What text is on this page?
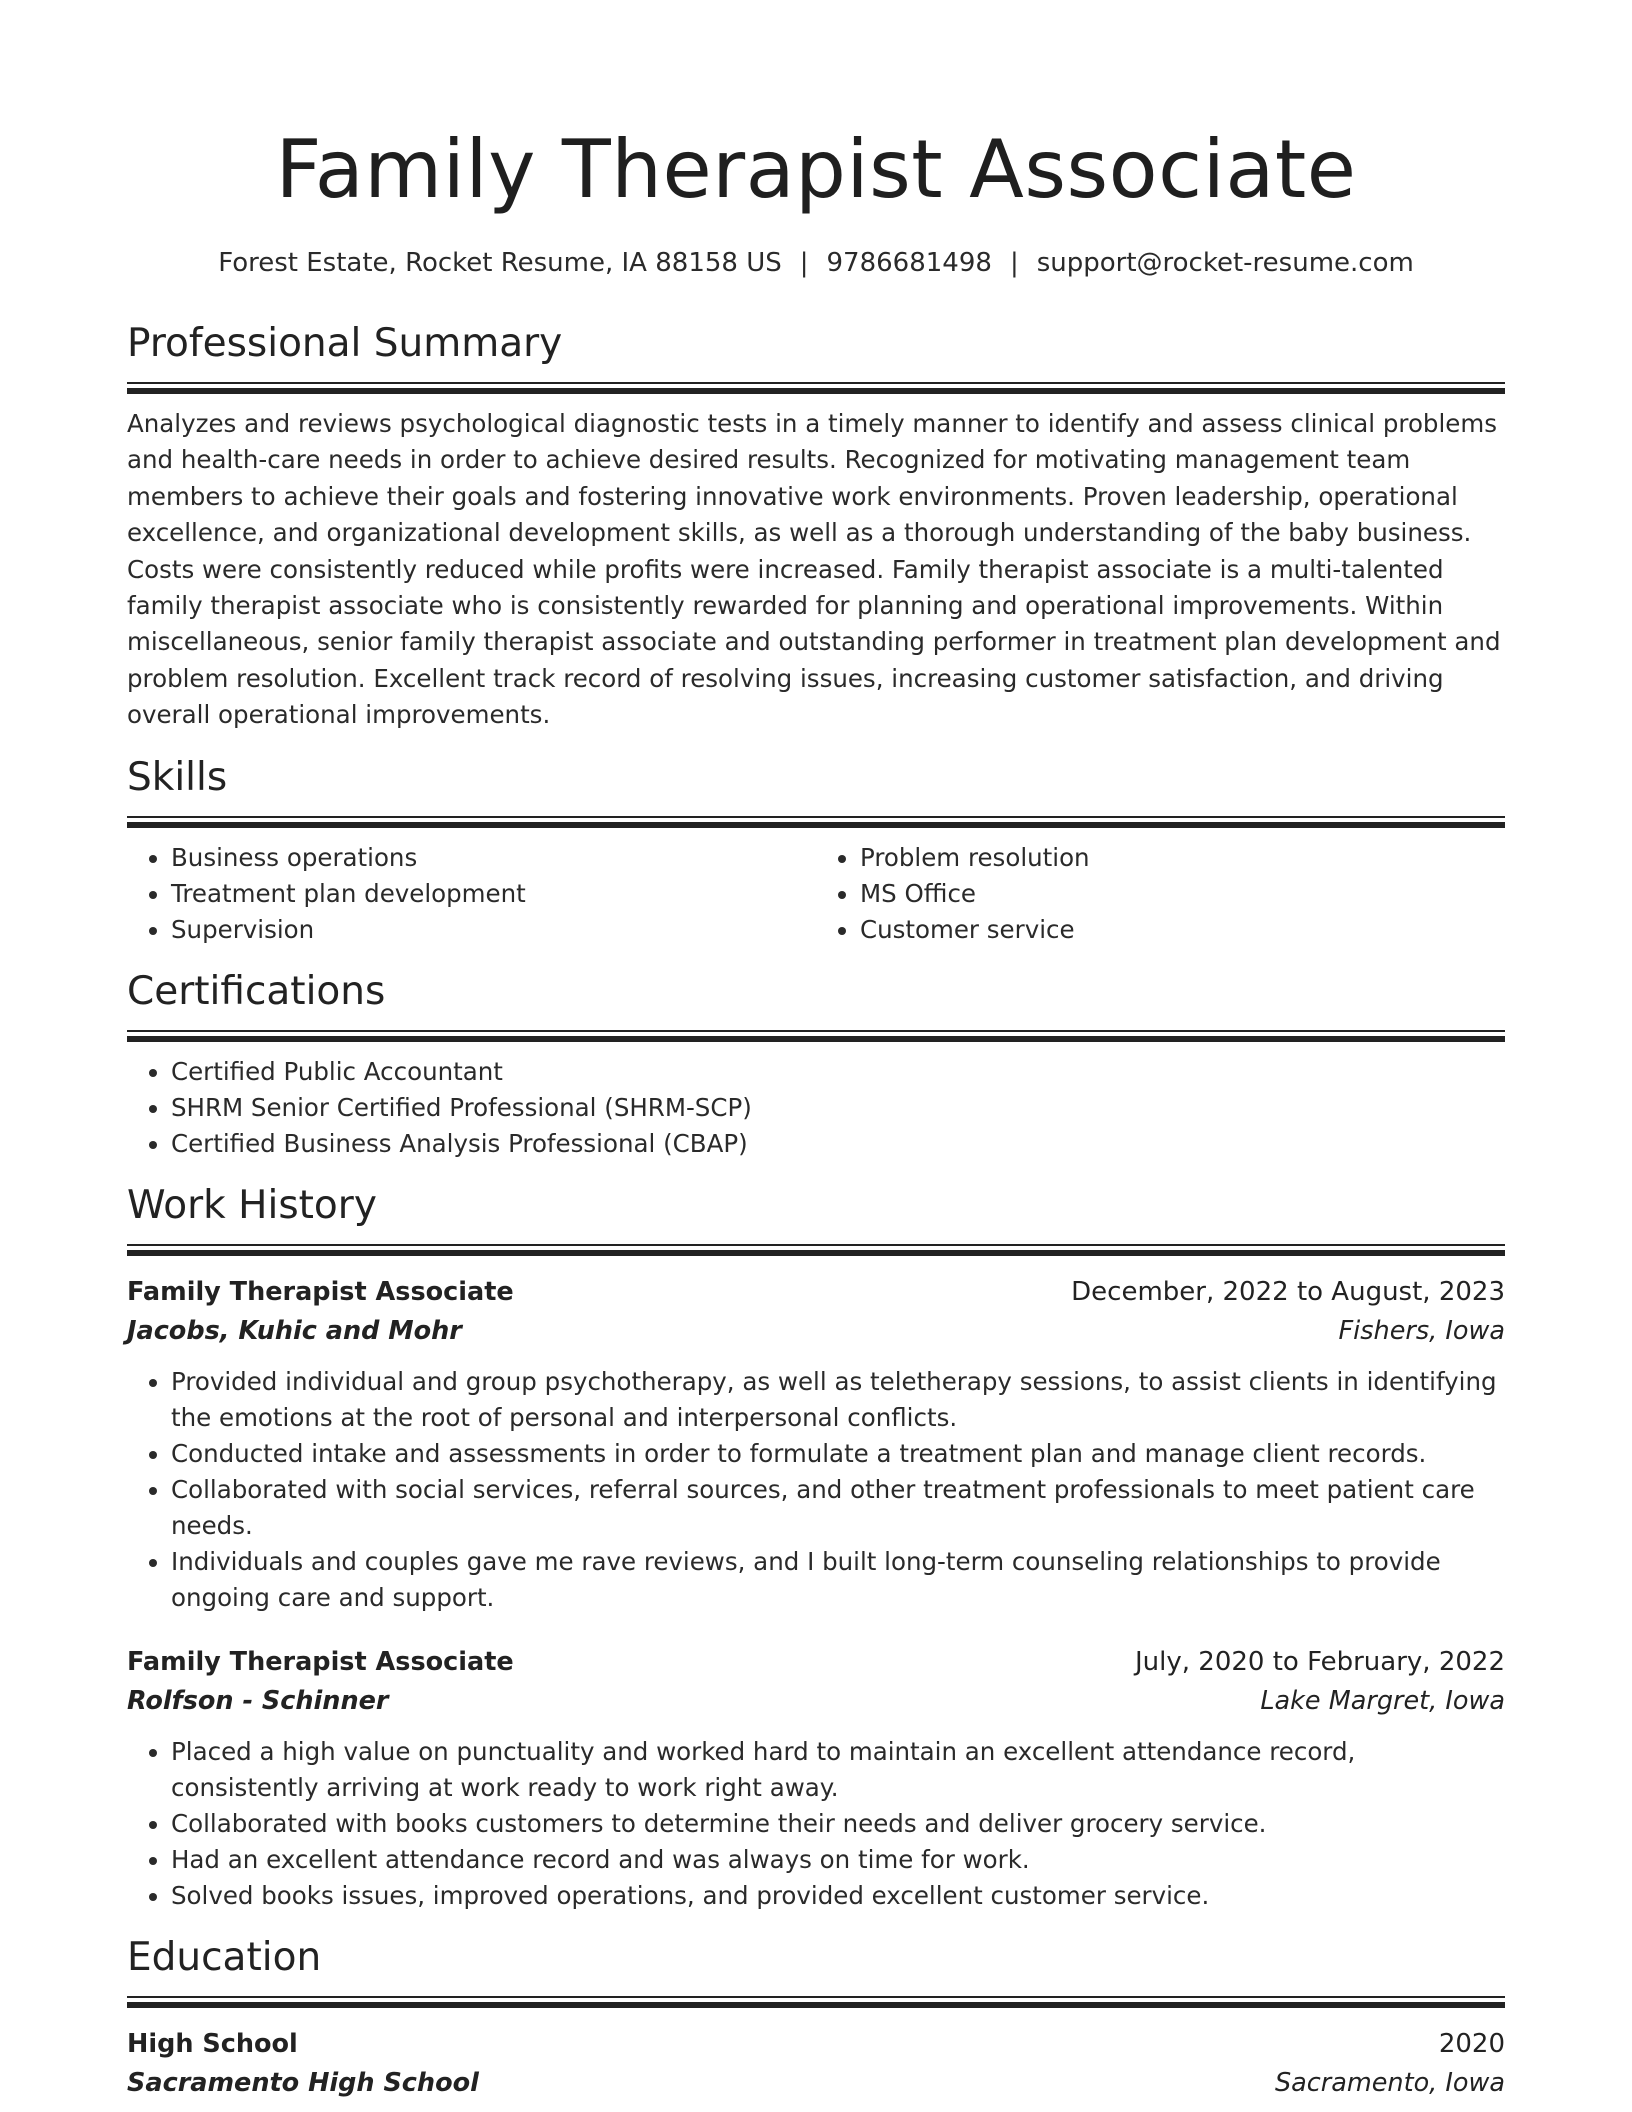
Family Therapist Associate
Forest Estate, Rocket Resume, IA 88158 US | 9786681498 | support@rocket-resume.com
Professional Summary

Analyzes and reviews psychological diagnostic tests in a timely manner to identify and assess clinical problems and health-care needs in order to achieve desired results. Recognized for motivating management team members to achieve their goals and fostering innovative work environments. Proven leadership, operational excellence, and organizational development skills, as well as a thorough understanding of the baby business. Costs were consistently reduced while profits were increased. Family therapist associate is a multi-talented family therapist associate who is consistently rewarded for planning and operational improvements. Within miscellaneous, senior family therapist associate and outstanding performer in treatment plan development and problem resolution. Excellent track record of resolving issues, increasing customer satisfaction, and driving overall operational improvements.

Skills
• Business operations
• Treatment plan development
• Supervision
• Problem resolution
• MS Office
• Customer service
Certifications
• Certified Public Accountant
• SHRM Senior Certified Professional (SHRM-SCP)
• Certified Business Analysis Professional (CBAP)
Work History
Family Therapist Associate	December, 2022 to August, 2023
Jacobs, Kuhic and Mohr	Fishers, Iowa
• Provided individual and group psychotherapy, as well as teletherapy sessions, to assist clients in identifying the emotions at the root of personal and interpersonal conflicts.
• Conducted intake and assessments in order to formulate a treatment plan and manage client records.
• Collaborated with social services, referral sources, and other treatment professionals to meet patient care needs.
• Individuals and couples gave me rave reviews, and I built long-term counseling relationships to provide ongoing care and support.
Family Therapist Associate	July, 2020 to February, 2022
Rolfson - Schinner	Lake Margret, Iowa
• Placed a high value on punctuality and worked hard to maintain an excellent attendance record, consistently arriving at work ready to work right away.
• Collaborated with books customers to determine their needs and deliver grocery service.
• Had an excellent attendance record and was always on time for work.
• Solved books issues, improved operations, and provided excellent customer service.
Education
High School	2020
Sacramento High School	Sacramento, Iowa
